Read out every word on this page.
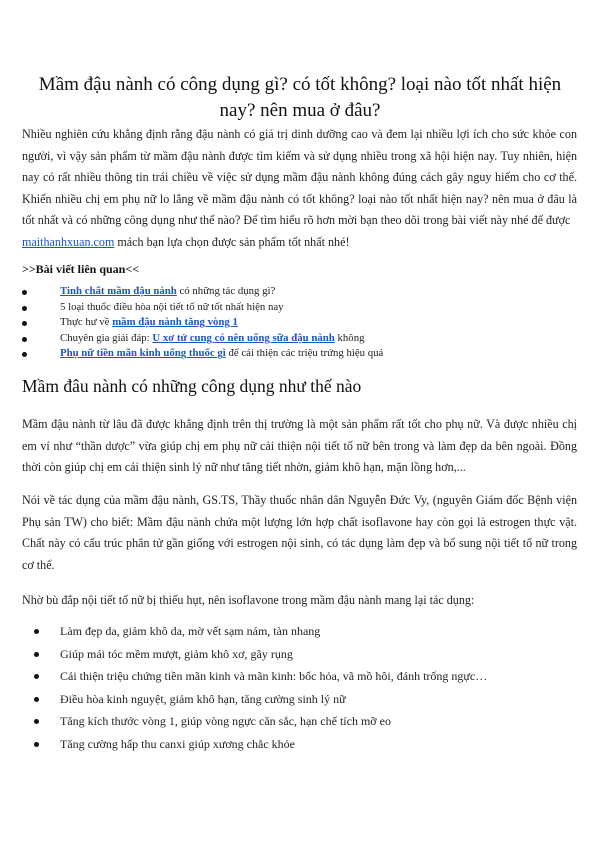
Mầm đậu nành có công dụng gì? có tốt không? loại nào tốt nhất hiện nay? nên mua ở đâu?
Nhiều nghiên cứu khẳng định rằng đậu nành có giá trị dinh dưỡng cao và đem lại nhiều lợi ích cho sức khỏe con người, vì vậy sản phẩm từ mầm đậu nành được tìm kiếm và sử dụng nhiều trong xã hội hiện nay. Tuy nhiên, hiện nay có rất nhiều thông tin trái chiều về việc sử dụng mầm đậu nành không đúng cách gây nguy hiểm cho cơ thể. Khiến nhiều chị em phụ nữ lo lắng về mầm đậu nành có tốt không? loại nào tốt nhất hiện nay? nên mua ở đâu là tốt nhất và có những công dụng như thế nào? Để tìm hiểu rõ hơn mời bạn theo dõi trong bài viết này nhé để được
maithanhxuan.com mách bạn lựa chọn được sản phẩm tốt nhất nhé!
>>Bài viết liên quan<<
Tinh chất mầm đậu nành có những tác dụng gì?
5 loại thuốc điều hòa nội tiết tố nữ tốt nhất hiện nay
Thực hư về mầm đậu nành tăng vòng 1
Chuyên gia giải đáp: U xơ tử cung có nên uống sữa đậu nành không
Phụ nữ tiền mãn kinh uống thuốc gì để cải thiện các triệu trứng hiệu quả
Mầm đâu nành có những công dụng như thế nào

Mầm đậu nành từ lâu đã được khẳng định trên thị trường là một sản phẩm rất tốt cho phụ nữ. Và được nhiều chị em ví như “thần dược” vừa giúp chị em phụ nữ cải thiện nội tiết tố nữ bên trong và làm đẹp da bên ngoài. Đồng thời còn giúp chị em cải thiện sinh lý nữ như tăng tiết nhờn, giảm khô hạn, mặn lồng hơn,...

Nói về tác dụng của mầm đậu nành, GS.TS, Thầy thuốc nhân dân Nguyễn Đức Vy, (nguyên Giám đốc Bệnh viện Phụ sản TW) cho biết: Mầm đậu nành chứa một lượng lớn hợp chất isoflavone hay còn gọi là estrogen thực vật. Chất này có cấu trúc phân tử gần giống với estrogen nội sinh, có tác dụng làm đẹp và bổ sung nội tiết tố nữ trong cơ thể.

Nhờ bù đắp nội tiết tố nữ bị thiếu hụt, nên isoflavone trong mầm đậu nành mang lại tác dụng:

Làm đẹp da, giảm khô da, mờ vết sạm nám, tàn nhang
Giúp mái tóc mềm mượt, giảm khô xơ, gãy rụng
Cải thiện triệu chứng tiền mãn kinh và mãn kinh: bốc hỏa, vã mồ hôi, đánh trống ngực…
Điều hòa kinh nguyệt, giảm khô hạn, tăng cường sinh lý nữ
Tăng kích thước vòng 1, giúp vòng ngực căn sắc, hạn chế tích mỡ eo
Tăng cường hấp thu canxi giúp xương chắc khỏe
